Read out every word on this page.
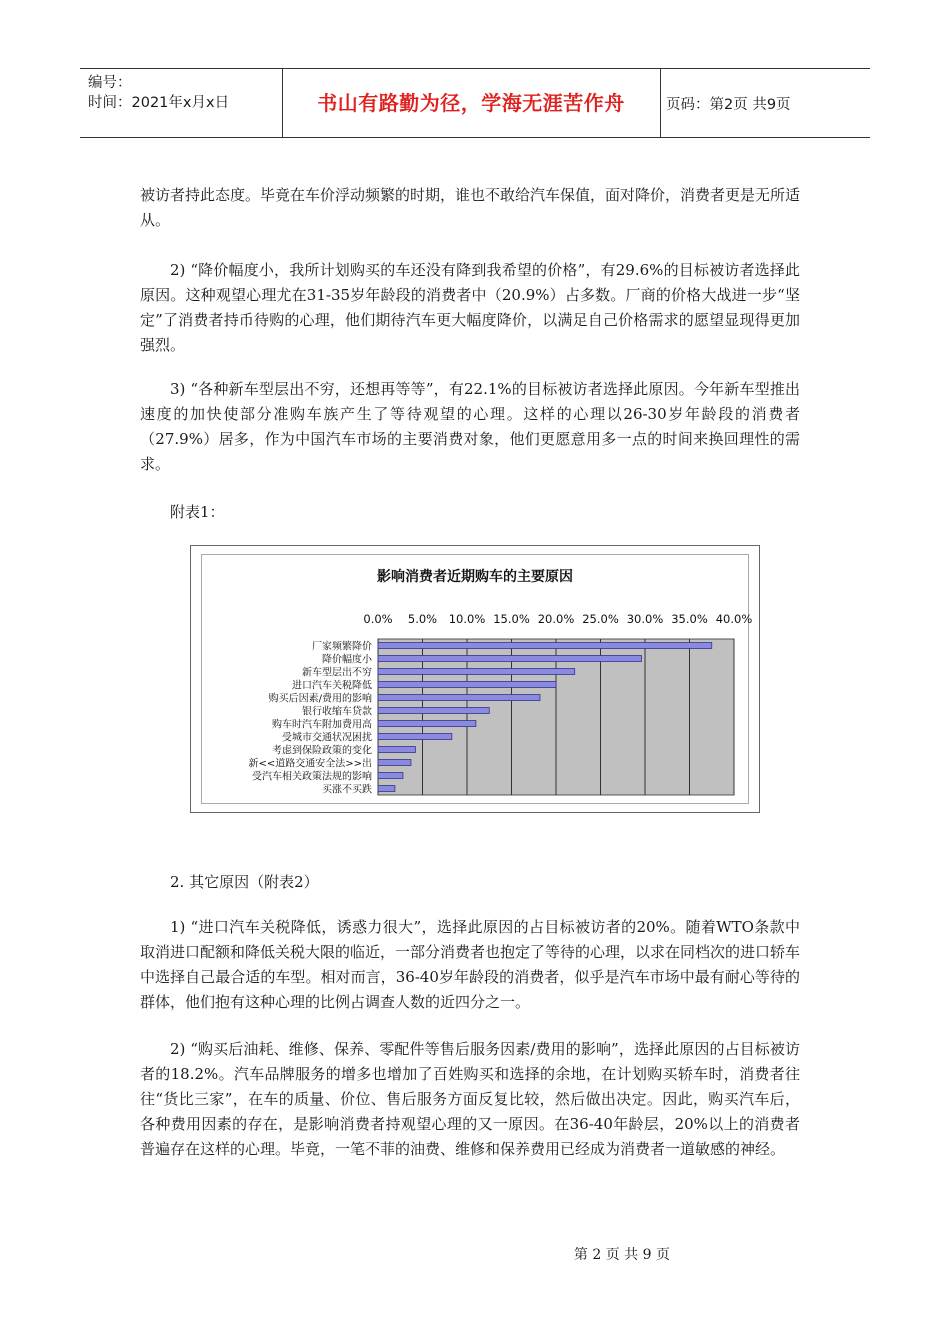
编号：
时间：2021年x月x日	书山有路勤为径，学海无涯苦作舟	页码：第2页 共9页

被访者持此态度。毕竟在车价浮动频繁的时期，谁也不敢给汽车保值，面对降价，消费者更是无所适从。

2) “降价幅度小，我所计划购买的车还没有降到我希望的价格”，有29.6%的目标被访者选择此原因。这种观望心理尤在31-35岁年龄段的消费者中（20.9%）占多数。厂商的价格大战进一步“坚定”了消费者持币待购的心理，他们期待汽车更大幅度降价，以满足自己价格需求的愿望显现得更加强烈。

3) “各种新车型层出不穷，还想再等等”，有22.1%的目标被访者选择此原因。今年新车型推出速度的加快使部分准购车族产生了等待观望的心理。这样的心理以26-30岁年龄段的消费者（27.9%）居多，作为中国汽车市场的主要消费对象，他们更愿意用多一点的时间来换回理性的需求。

附表1：

影响消费者近期购车的主要原因
0.0% 5.0% 10.0% 15.0% 20.0% 25.0% 30.0% 35.0% 40.0%
厂家频繁降价
降价幅度小
新车型层出不穷
进口汽车关税降低
购买后因素/费用的影响
银行收缩车贷款
购车时汽车附加费用高
受城市交通状况困扰
考虑到保险政策的变化
新<<道路交通安全法>>出
受汽车相关政策法规的影响
买涨不买跌

2. 其它原因（附表2）

1) “进口汽车关税降低，诱惑力很大”，选择此原因的占目标被访者的20%。随着WTO条款中取消进口配额和降低关税大限的临近，一部分消费者也抱定了等待的心理，以求在同档次的进口轿车中选择自己最合适的车型。相对而言，36-40岁年龄段的消费者，似乎是汽车市场中最有耐心等待的群体，他们抱有这种心理的比例占调查人数的近四分之一。

2) “购买后油耗、维修、保养、零配件等售后服务因素/费用的影响”，选择此原因的占目标被访者的18.2%。汽车品牌服务的增多也增加了百姓购买和选择的余地，在计划购买轿车时，消费者往往“货比三家”，在车的质量、价位、售后服务方面反复比较，然后做出决定。因此，购买汽车后，各种费用因素的存在，是影响消费者持观望心理的又一原因。在36-40年龄层，20%以上的消费者普遍存在这样的心理。毕竟，一笔不菲的油费、维修和保养费用已经成为消费者一道敏感的神经。

第 2 页 共 9 页
